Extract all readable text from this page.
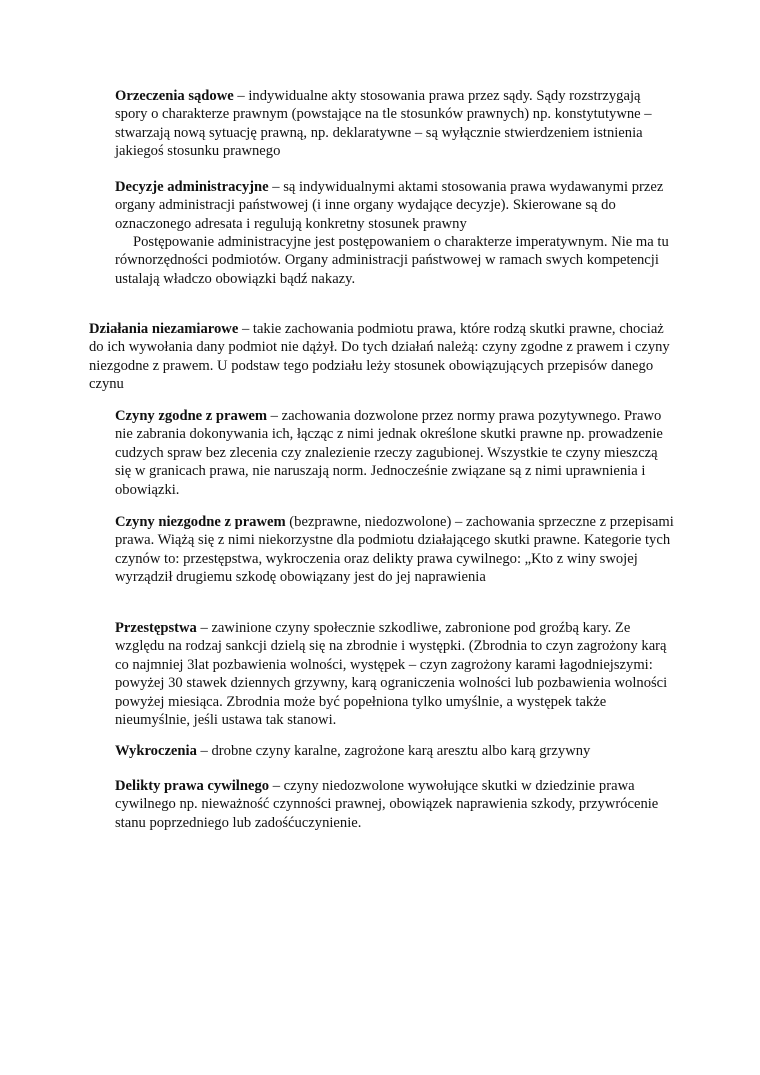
Orzeczenia sądowe – indywidualne akty stosowania prawa przez sądy. Sądy rozstrzygają spory o charakterze prawnym (powstające na tle stosunków prawnych) np. konstytutywne – stwarzają nową sytuację prawną, np. deklaratywne – są wyłącznie stwierdzeniem istnienia jakiegoś stosunku prawnego

Decyzje administracyjne – są indywidualnymi aktami stosowania prawa wydawanymi przez organy administracji państwowej (i inne organy wydające decyzje). Skierowane są do oznaczonego adresata i regulują konkretny stosunek prawny

Postępowanie administracyjne jest postępowaniem o charakterze imperatywnym. Nie ma tu równorzędności podmiotów. Organy administracji państwowej w ramach swych kompetencji ustalają władczo obowiązki bądź nakazy.

Działania niezamiarowe – takie zachowania podmiotu prawa, które rodzą skutki prawne, chociaż do ich wywołania dany podmiot nie dążył. Do tych działań należą: czyny zgodne z prawem i czyny niezgodne z prawem. U podstaw tego podziału leży stosunek obowiązujących przepisów danego czynu

Czyny zgodne z prawem – zachowania dozwolone przez normy prawa pozytywnego. Prawo nie zabrania dokonywania ich, łącząc z nimi jednak określone skutki prawne np. prowadzenie cudzych spraw bez zlecenia czy znalezienie rzeczy zagubionej. Wszystkie te czyny mieszczą się w granicach prawa, nie naruszają norm. Jednocześnie związane są z nimi uprawnienia i obowiązki.

Czyny niezgodne z prawem (bezprawne, niedozwolone) – zachowania sprzeczne z przepisami prawa. Wiążą się z nimi niekorzystne dla podmiotu działającego skutki prawne. Kategorie tych czynów to: przestępstwa, wykroczenia oraz delikty prawa cywilnego: „Kto z winy swojej wyrządził drugiemu szkodę obowiązany jest do jej naprawienia

Przestępstwa – zawinione czyny społecznie szkodliwe, zabronione pod groźbą kary. Ze względu na rodzaj sankcji dzielą się na zbrodnie i występki. (Zbrodnia to czyn zagrożony karą co najmniej 3lat pozbawienia wolności, występek – czyn zagrożony karami łagodniejszymi: powyżej 30 stawek dziennych grzywny, karą ograniczenia wolności lub pozbawienia wolności powyżej miesiąca. Zbrodnia może być popełniona tylko umyślnie, a występek także nieumyślnie, jeśli ustawa tak stanowi.

Wykroczenia – drobne czyny karalne, zagrożone karą aresztu albo karą grzywny

Delikty prawa cywilnego – czyny niedozwolone wywołujące skutki w dziedzinie prawa cywilnego np. nieważność czynności prawnej, obowiązek naprawienia szkody, przywrócenie stanu poprzedniego lub zadośćuczynienie.
